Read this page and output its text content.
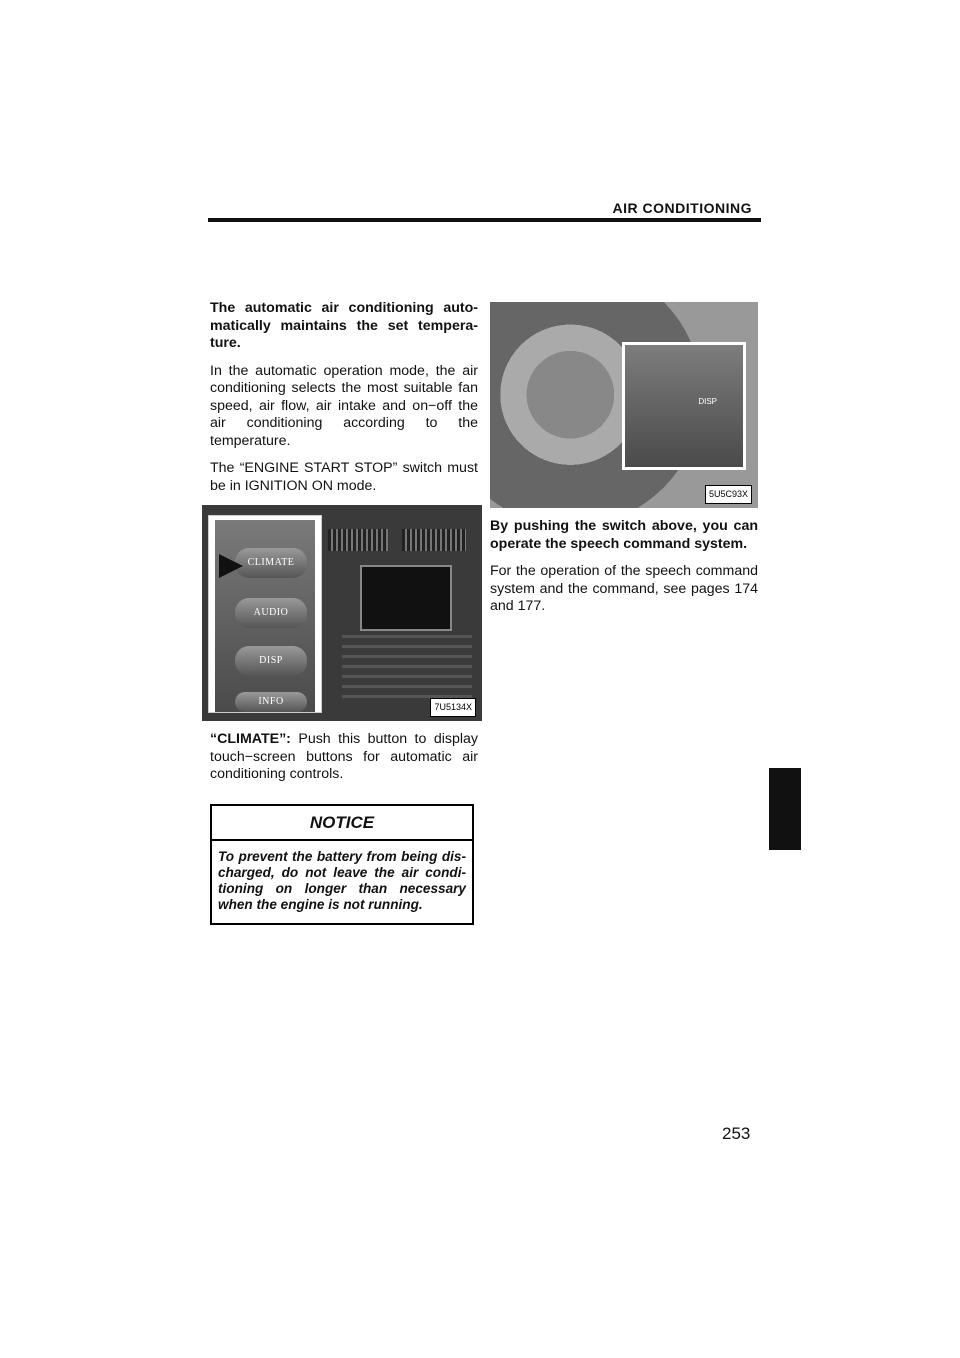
AIR CONDITIONING

The automatic air conditioning automatically maintains the set temperature.

In the automatic operation mode, the air conditioning selects the most suitable fan speed, air flow, air intake and on−off the air conditioning according to the temperature.

The “ENGINE START STOP” switch must be in IGNITION ON mode.

CLIMATE
AUDIO
DISP
INFO	7U5134X

“CLIMATE”: Push this button to display touch−screen buttons for automatic air conditioning controls.

NOTICE
To prevent the battery from being discharged, do not leave the air conditioning on longer than necessary when the engine is not running.
DISP
5U5C93X

By pushing the switch above, you can operate the speech command system.

For the operation of the speech command system and the command, see pages 174 and 177.

253
